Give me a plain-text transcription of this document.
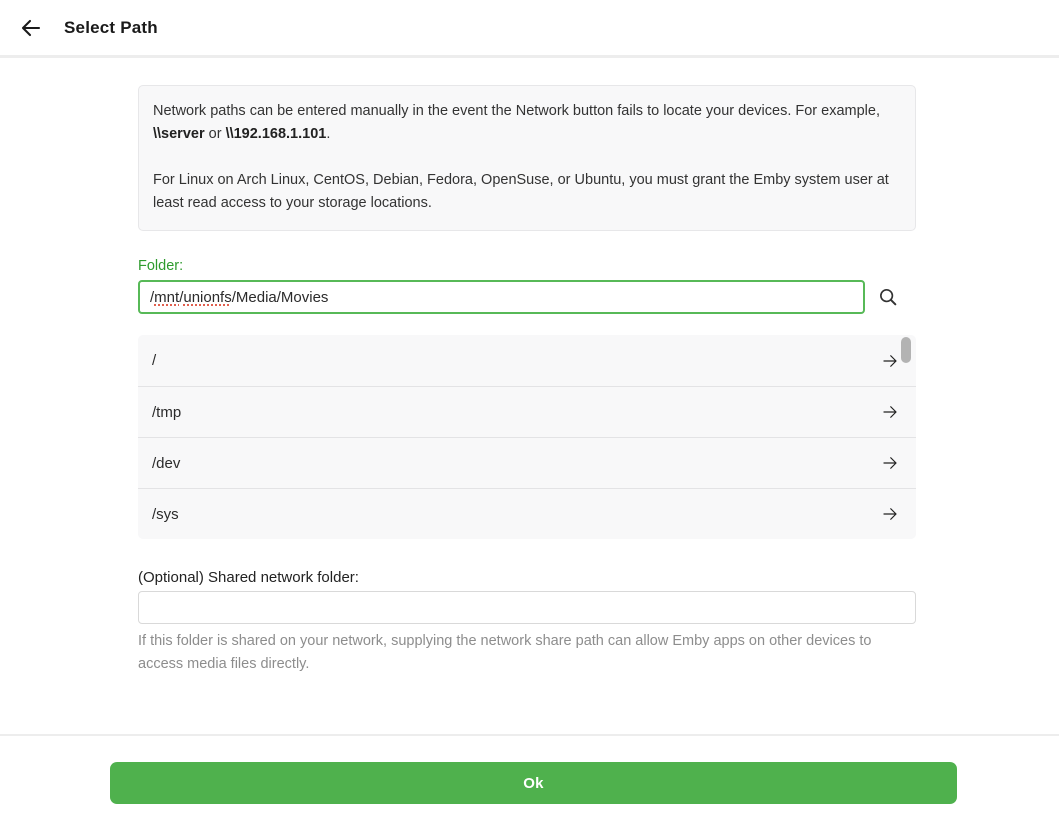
Select Path

Network paths can be entered manually in the event the Network button fails to locate your devices. For example, \\server or \\192.168.1.101.

For Linux on Arch Linux, CentOS, Debian, Fedora, OpenSuse, or Ubuntu, you must grant the Emby system user at least read access to your storage locations.

Folder:
/ mnt / unionfs /Media/Movies
/
/tmp
/dev
/sys
(Optional) Shared network folder:
If this folder is shared on your network, supplying the network share path can allow Emby apps on other devices to access media files directly.
Ok
